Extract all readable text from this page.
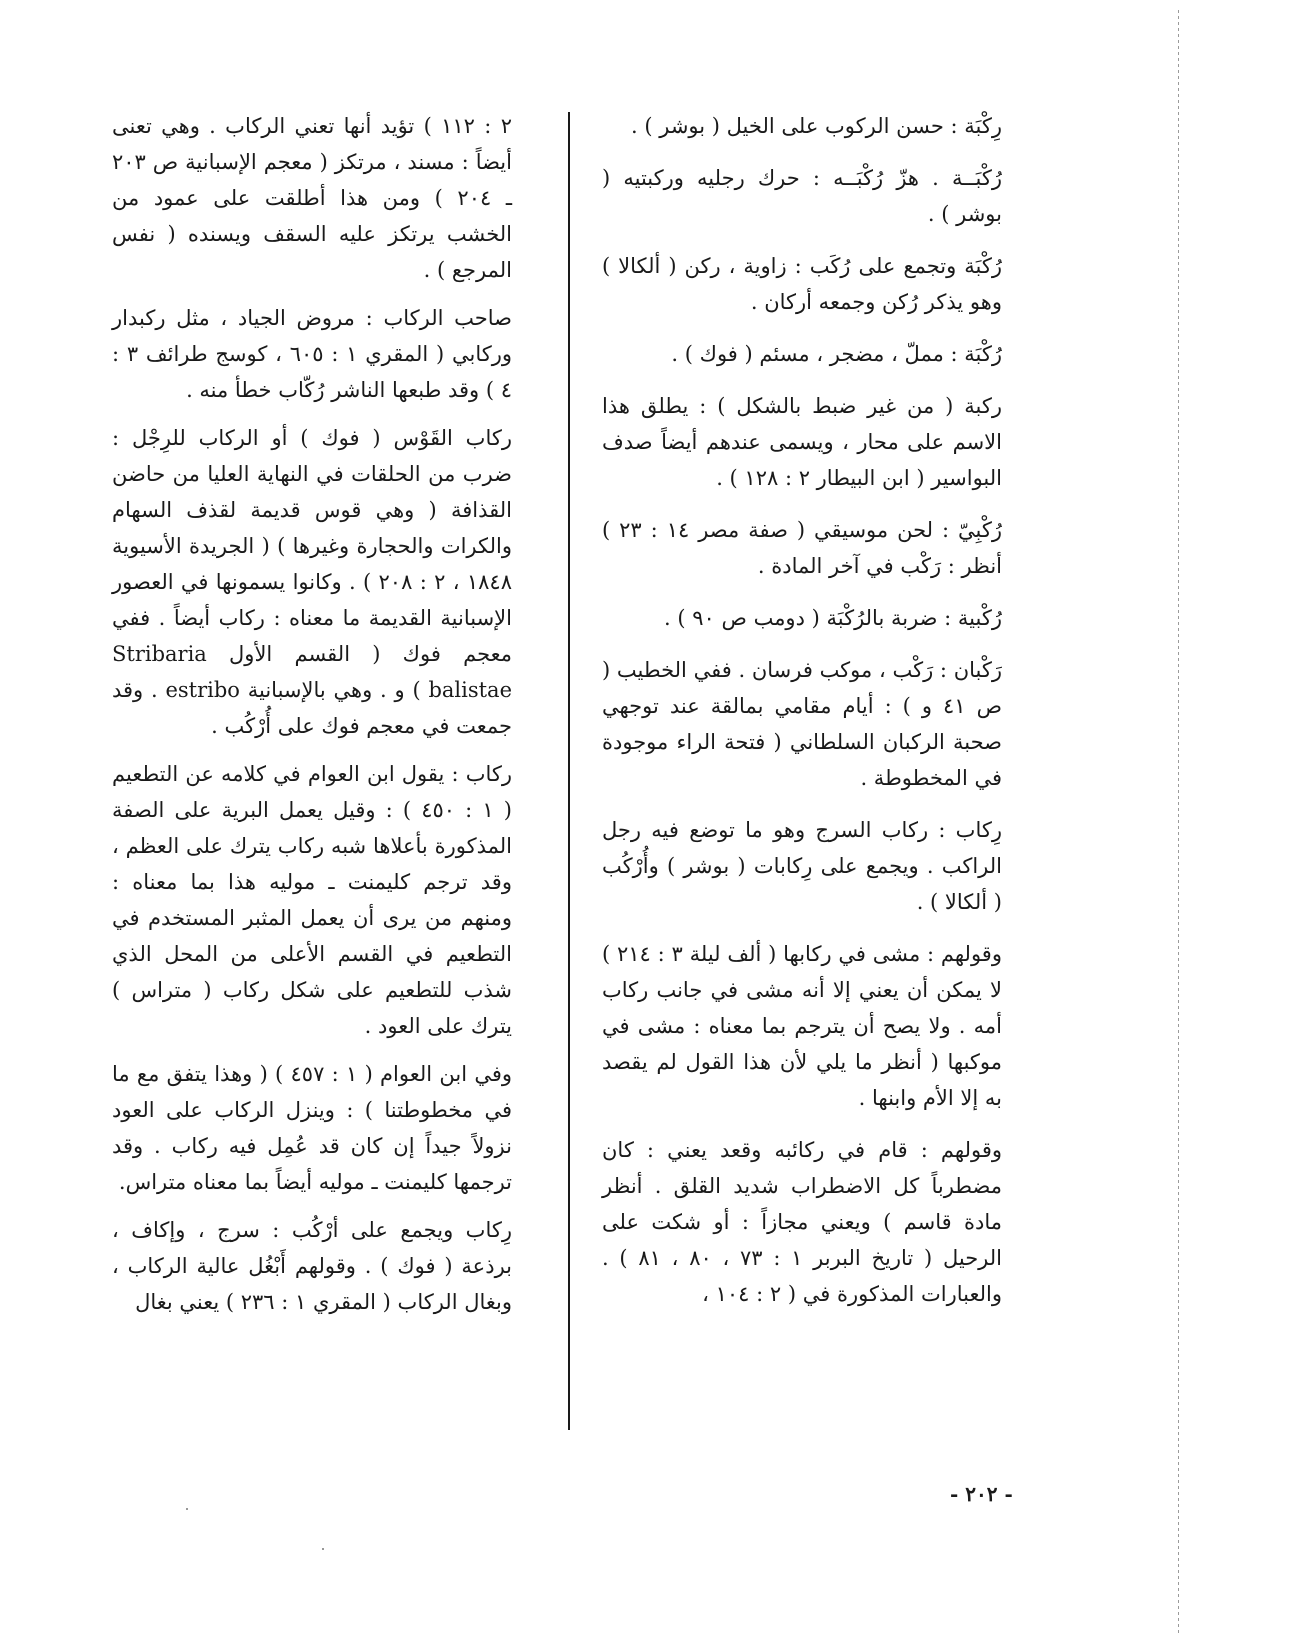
رِكْبَة : حسن الركوب على الخيل ( بوشر ) .

رُكْبَــة . هزّ رُكْبَــه : حرك رجليه وركبتيه ( بوشر ) .

رُكْبَة وتجمع على رُكَب : زاوية ، ركن ( ألكالا ) وهو يذكر رُكن وجمعه أركان .

رُكْبَة : مملّ ، مضجر ، مسئم ( فوك ) .

ركبة ( من غير ضبط بالشكل ) : يطلق هذا الاسم على محار ، ويسمى عندهم أيضاً صدف البواسير ( ابن البيطار ٢ : ١٢٨ ) .

رُكْبِيّ : لحن موسيقي ( صفة مصر ١٤ : ٢٣ ) أنظر : رَكْب في آخر المادة .

رُكْبية : ضربة بالرُكْبَة ( دومب ص ٩٠ ) .

رَكْبان : رَكْب ، موكب فرسان . ففي الخطيب ( ص ٤١ و ) : أيام مقامي بمالقة عند توجهي صحبة الركبان السلطاني ( فتحة الراء موجودة في المخطوطة .

رِكاب : ركاب السرج وهو ما توضع فيه رجل الراكب . ويجمع على رِكابات ( بوشر ) وأُرْكُب ( ألكالا ) .

وقولهم : مشى في ركابها ( ألف ليلة ٣ : ٢١٤ ) لا يمكن أن يعني إلا أنه مشى في جانب ركاب أمه . ولا يصح أن يترجم بما معناه : مشى في موكبها ( أنظر ما يلي لأن هذا القول لم يقصد به إلا الأم وابنها .

وقولهم : قام في ركائبه وقعد يعني : كان مضطرباً كل الاضطراب شديد القلق . أنظر مادة قاسم ) ويعني مجازاً : أو شكت على الرحيل ( تاريخ البربر ١ : ٧٣ ، ٨٠ ، ٨١ ) . والعبارات المذكورة في ( ٢ : ١٠٤ ،

٢ : ١١٢ ) تؤيد أنها تعني الركاب . وهي تعنى أيضاً : مسند ، مرتكز ( معجم الإسبانية ص ٢٠٣ ـ ٢٠٤ ) ومن هذا أطلقت على عمود من الخشب يرتكز عليه السقف ويسنده ( نفس المرجع ) .

صاحب الركاب : مروض الجياد ، مثل ركبدار وركابي ( المقري ١ : ٦٠٥ ، كوسج طرائف ٣ : ٤ ) وقد طبعها الناشر رُكّاب خطأ منه .

ركاب القَوْس ( فوك ) أو الركاب للرِجْل : ضرب من الحلقات في النهاية العليا من حاضن القذافة ( وهي قوس قديمة لقذف السهام والكرات والحجارة وغيرها ) ( الجريدة الأسيوية ١٨٤٨ ، ٢ : ٢٠٨ ) . وكانوا يسمونها في العصور الإسبانية القديمة ما معناه : ركاب أيضاً . ففي معجم فوك ( القسم الأول Stribaria balistae ) و . وهي بالإسبانية estribo . وقد جمعت في معجم فوك على أُرْكُب .

ركاب : يقول ابن العوام في كلامه عن التطعيم ( ١ : ٤٥٠ ) : وقيل يعمل البرية على الصفة المذكورة بأعلاها شبه ركاب يترك على العظم ، وقد ترجم كليمنت ـ موليه هذا بما معناه : ومنهم من يرى أن يعمل المثبر المستخدم في التطعيم في القسم الأعلى من المحل الذي شذب للتطعيم على شكل ركاب ( متراس ) يترك على العود .

وفي ابن العوام ( ١ : ٤٥٧ ) ( وهذا يتفق مع ما في مخطوطتنا ) : وينزل الركاب على العود نزولاً جيداً إن كان قد عُمِل فيه ركاب . وقد ترجمها كليمنت ـ موليه أيضاً بما معناه متراس.

رِكاب ويجمع على أرْكُب : سرج ، وإكاف ، برذعة ( فوك ) . وقولهم أَبْغُل عالية الركاب ، وبغال الركاب ( المقري ١ : ٢٣٦ ) يعني بغال

- ٢٠٢ -
